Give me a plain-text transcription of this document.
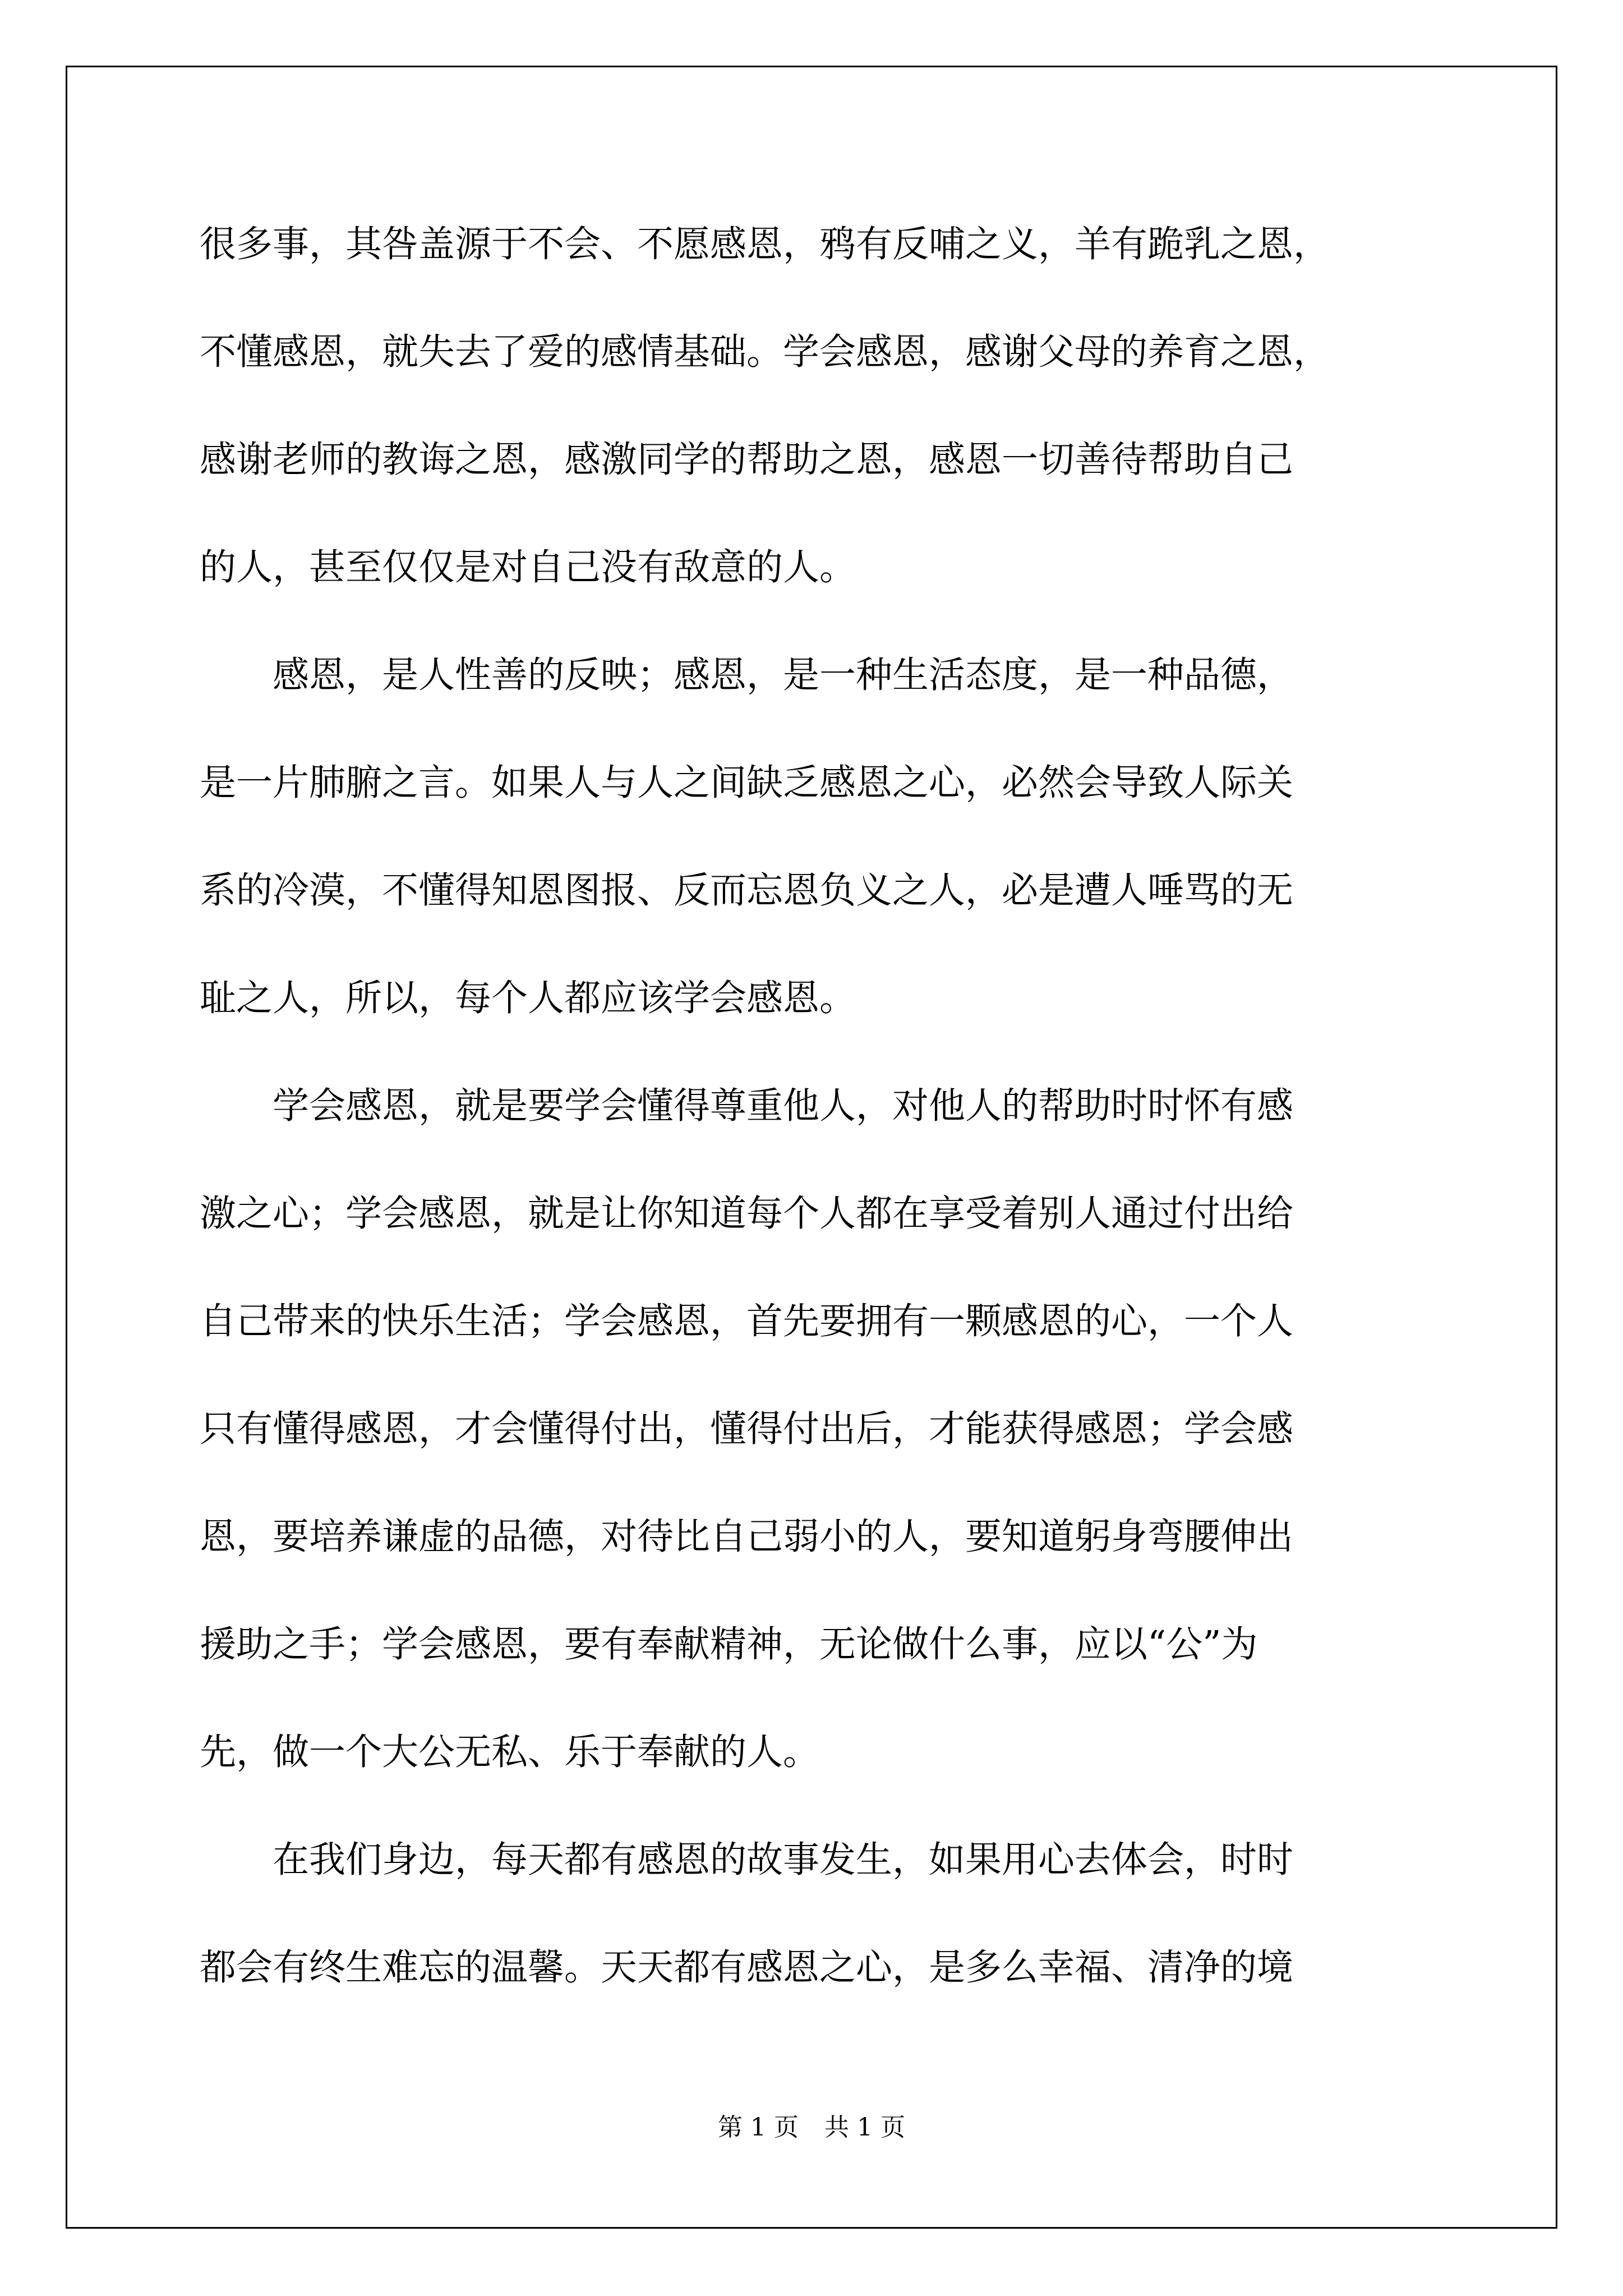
很多事，其咎盖源于不会、不愿感恩，鸦有反哺之义，羊有跪乳之恩，
不懂感恩，就失去了爱的感情基础。学会感恩，感谢父母的养育之恩，
感谢老师的教诲之恩，感激同学的帮助之恩，感恩一切善待帮助自己
的人，甚至仅仅是对自己没有敌意的人。
　　感恩，是人性善的反映；感恩，是一种生活态度，是一种品德，
是一片肺腑之言。如果人与人之间缺乏感恩之心，必然会导致人际关
系的冷漠，不懂得知恩图报、反而忘恩负义之人，必是遭人唾骂的无
耻之人，所以，每个人都应该学会感恩。
　　学会感恩，就是要学会懂得尊重他人，对他人的帮助时时怀有感
激之心；学会感恩，就是让你知道每个人都在享受着别人通过付出给
自己带来的快乐生活；学会感恩，首先要拥有一颗感恩的心，一个人
只有懂得感恩，才会懂得付出，懂得付出后，才能获得感恩；学会感
恩，要培养谦虚的品德，对待比自己弱小的人，要知道躬身弯腰伸出
援助之手；学会感恩，要有奉献精神，无论做什么事，应以“公”为
先，做一个大公无私、乐于奉献的人。
　　在我们身边，每天都有感恩的故事发生，如果用心去体会，时时
都会有终生难忘的温馨。天天都有感恩之心，是多么幸福、清净的境
第 1 页 共 1 页
